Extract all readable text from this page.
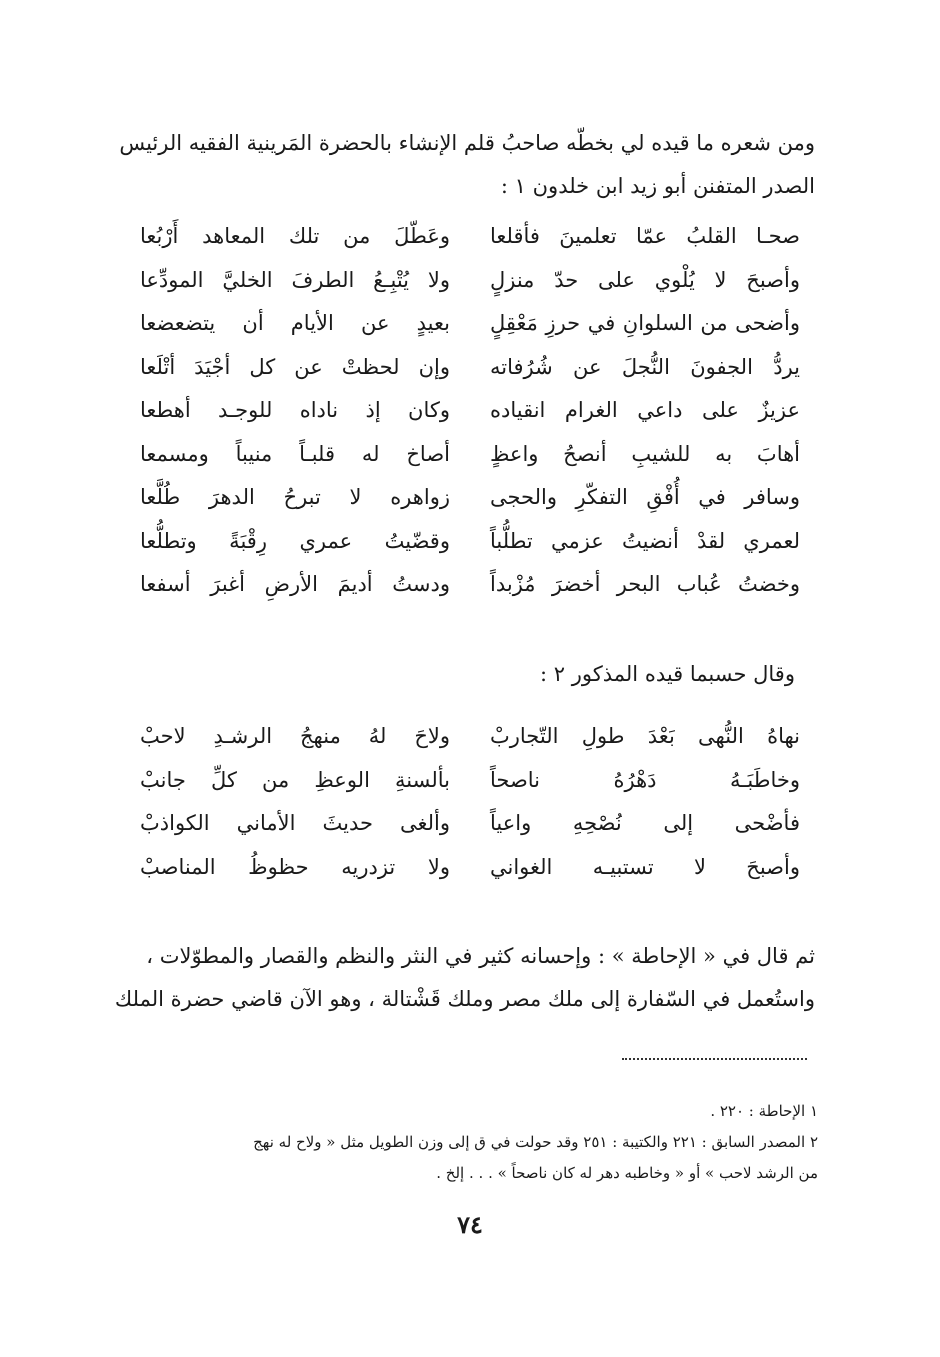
ومن شعره ما قيده لي بخطّه صاحبُ قلم الإنشاء بالحضرة المَرينية الفقيه الرئيس
الصدر المتفنن أبو زيد ابن خلدون ١ :
صحـا القلبُ عمّا تعلمينَ فأقلعا
وعَطّلَ من تلك المعاهد أَرْبُعا
وأصبحَ لا يُلْوي على حدّ منزلٍ
ولا يُتْبِـعُ الطرفَ الخليَّ المودِّعا
وأضحى من السلوانِ في حرزِ مَعْقِلٍ
بعيدٍ عن الأيام أن يتضعضعا
يردُّ الجفونَ النُّجلَ عن شُرُفاته
وإن لحظتْ عن كل أجْيَدَ أتْلَعا
عزيزٌ على داعي الغرام انقياده
وكان إذ ناداه للوجـد أهطعا
أهابَ به للشيبِ أنصحُ واعظٍ
أصاخ له قلبـاً منيباً ومسمعا
وسافر في أُفْقِ التفكّرِ والحجى
زواهره لا تبرحُ الدهرَ طُلَّعا
لعمري لقدْ أنضيتُ عزمي تطلُّباً
وقضّيتُ عمري رِقْبَةً وتطلُّعا
وخضتُ عُباب البحر أخضرَ مُزْبداً
ودستُ أديمَ الأرضِ أغبرَ أسفعا
وقال حسبما قيده المذكور ٢ :
نهاهُ النُّهى بَعْدَ طولِ التّجاربْ
ولاحَ لهُ منهجُ الرشـدِ لاحبْ
وخاطَبَـهُ دَهْرُهُ ناصحاً
بألسنةِ الوعظِ من كلِّ جانبْ
فأضْحى إلى نُصْحِهِ واعياً
وألغى حديثَ الأماني الكواذبْ
وأصبحَ لا تستبيـه الغواني
ولا تزدريه حظوظُ المناصبْ
ثم قال في « الإحاطة » : وإحسانه كثير في النثر والنظم والقصار والمطوّلات ،
واستُعمل في السّفارة إلى ملك مصر وملك قَشْتالة ، وهو الآن قاضي حضرة الملك
١ الإحاطة : ٢٢٠ .
٢ المصدر السابق : ٢٢١ والكتيبة : ٢٥١ وقد حولت في ق إلى وزن الطويل مثل « ولاح له نهج
من الرشد لاحب » أو « وخاطبه دهر له كان ناصحاً » . . . إلخ .
٧٤
